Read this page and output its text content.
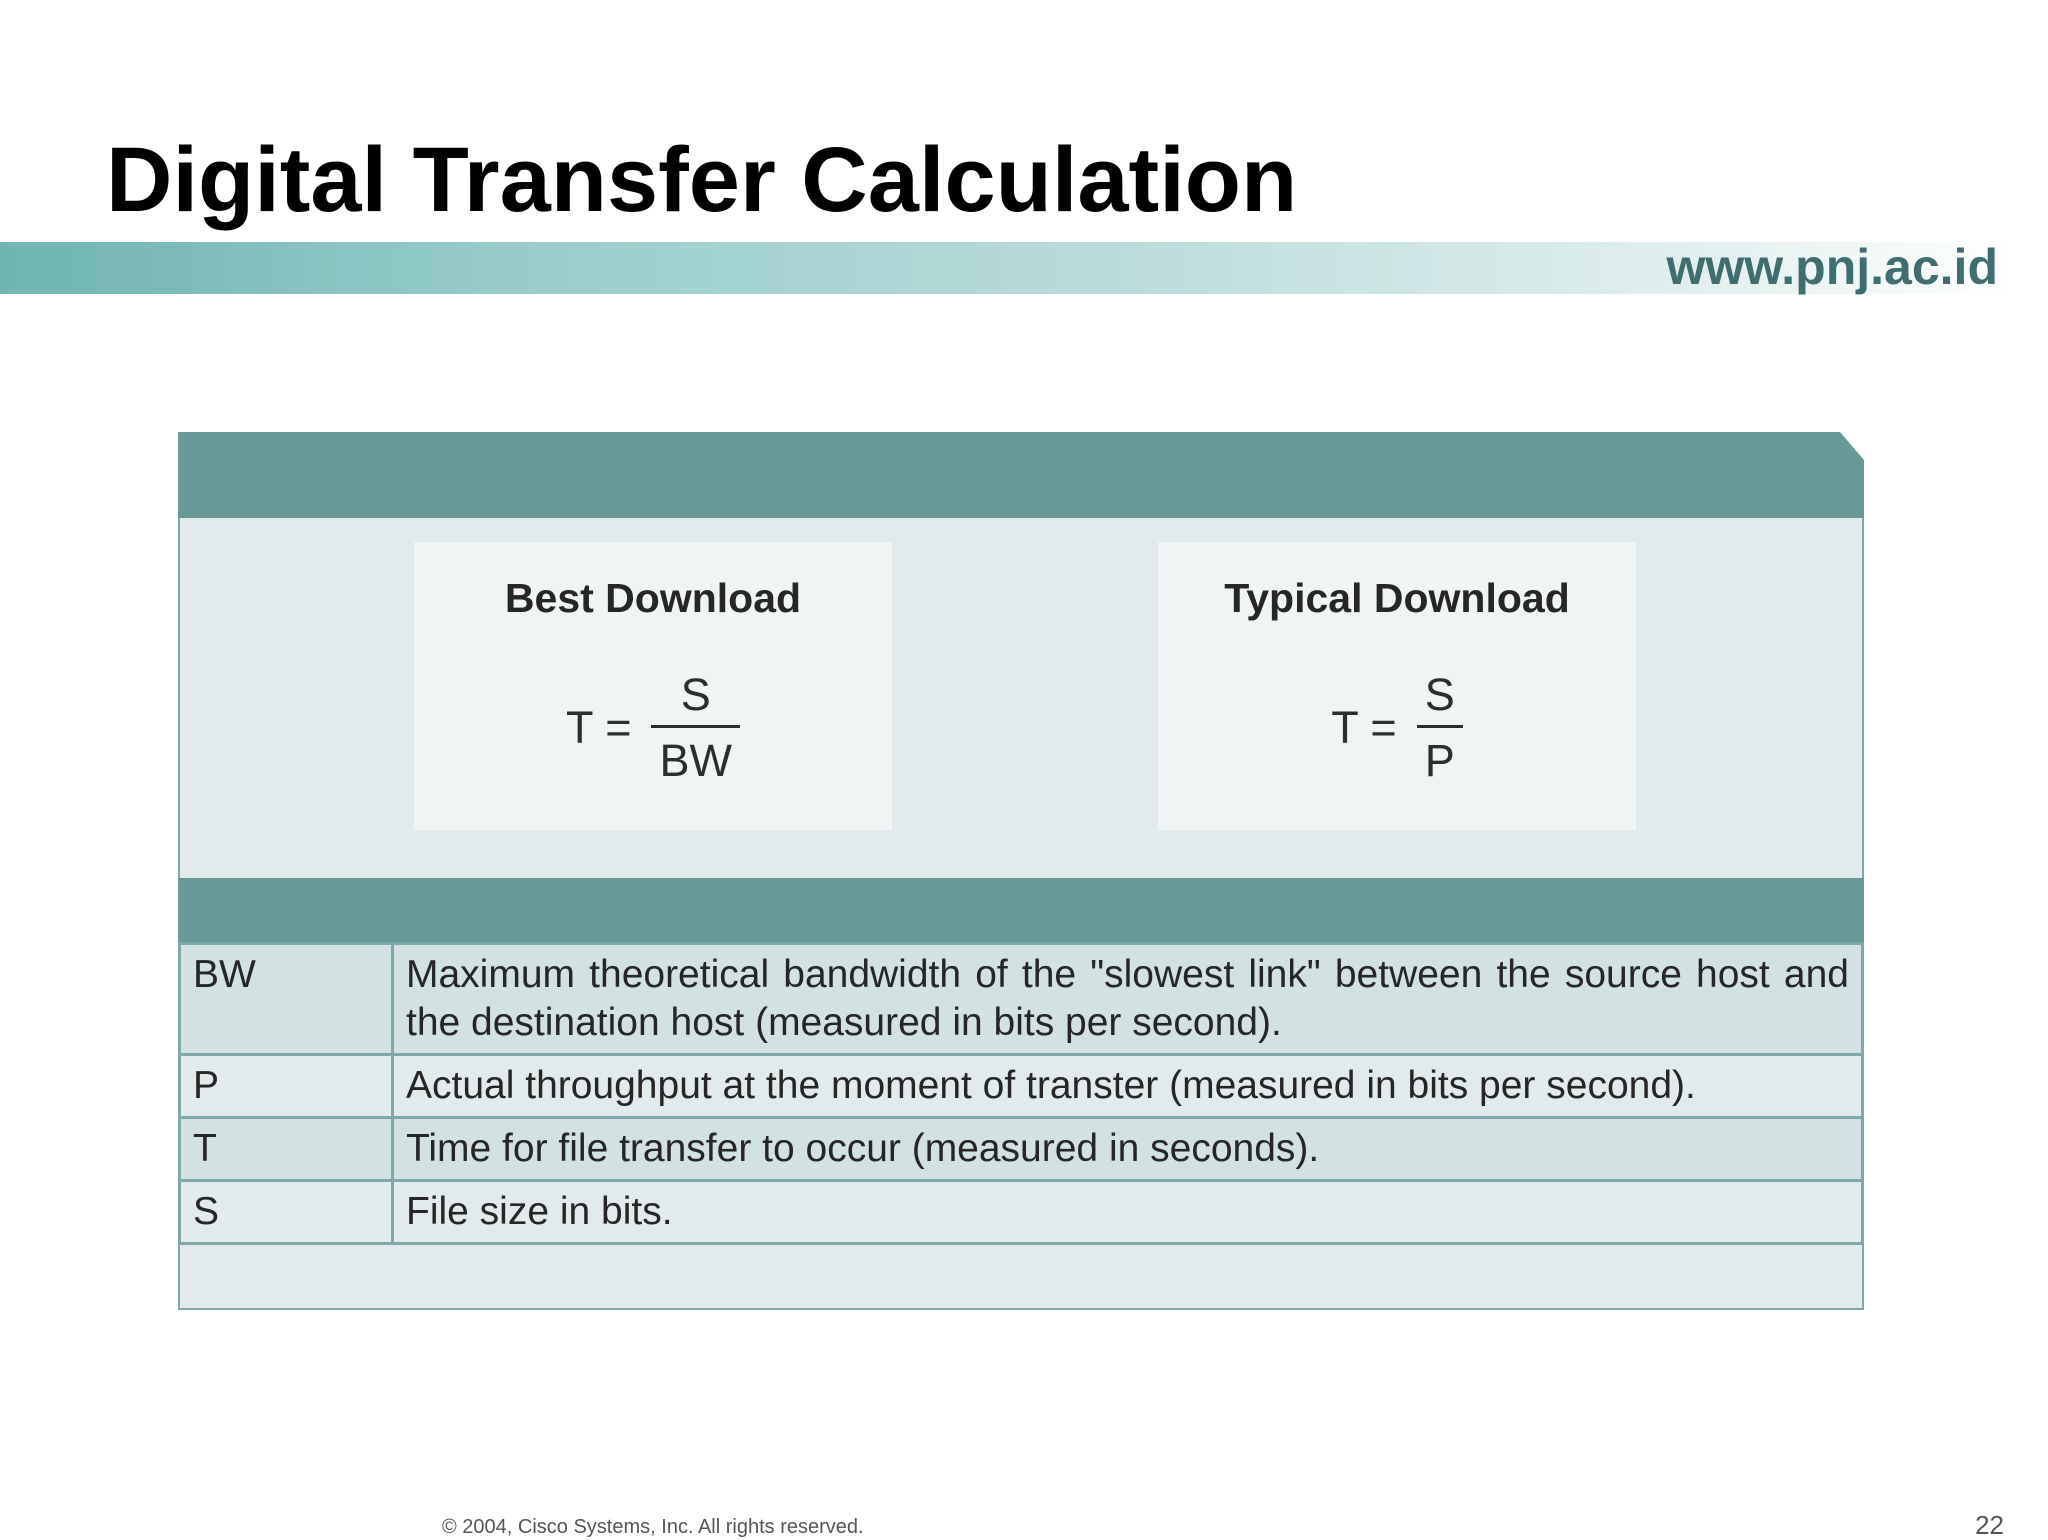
Digital Transfer Calculation
www.pnj.ac.id
Best Download
$T = \frac{S}{BW}$
Typical Download
$T = \frac{S}{P}$
BW	Maximum theoretical bandwidth of the "slowest link" between the source host and the destination host (measured in bits per second).
P	Actual throughput at the moment of transter (measured in bits per second).
T	Time for file transfer to occur (measured in seconds).
S	File size in bits.
© 2004, Cisco Systems, Inc. All rights reserved.	22
